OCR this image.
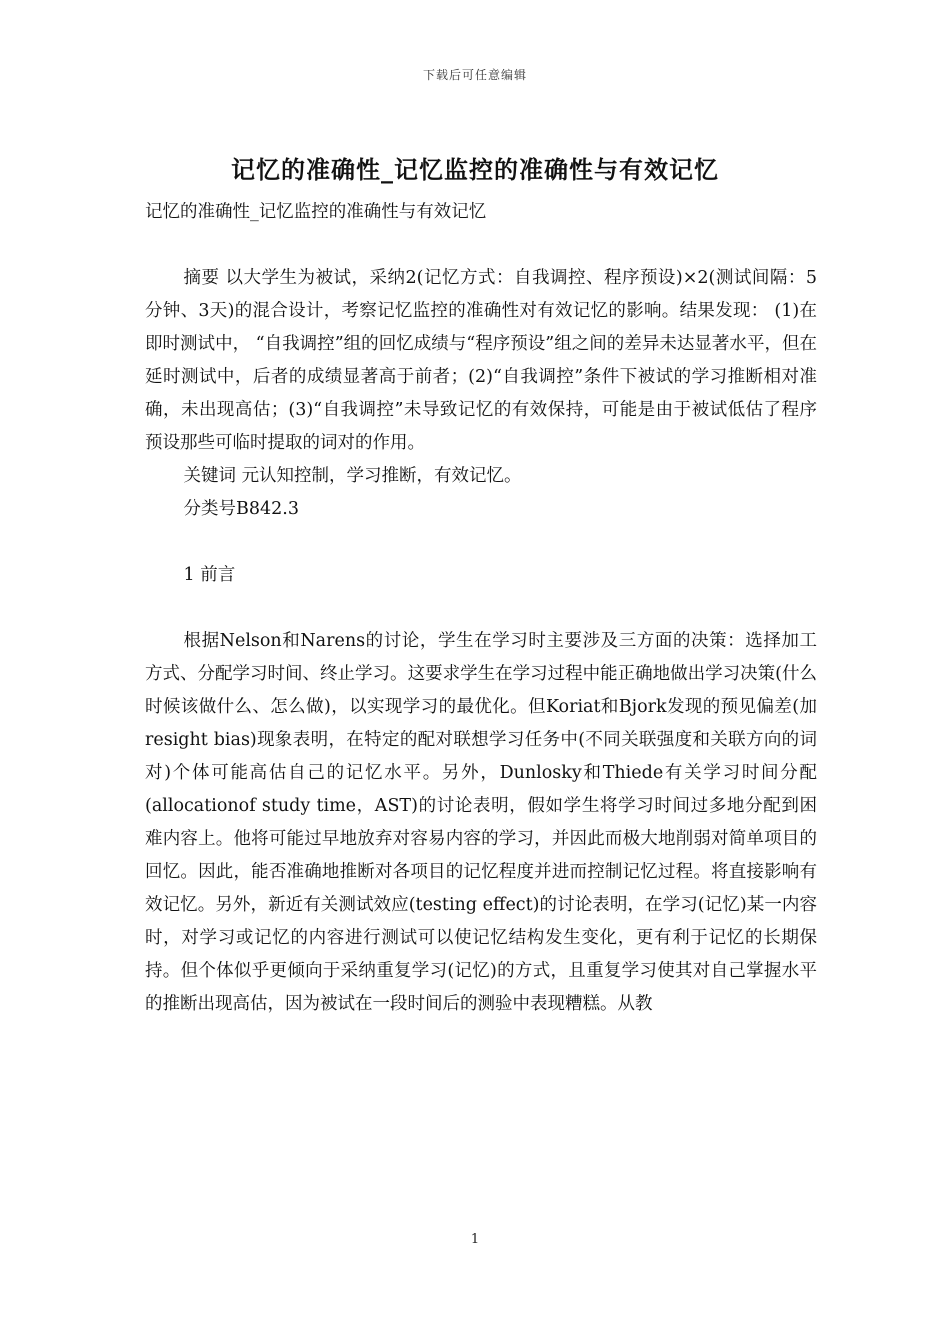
下载后可任意编辑
记忆的准确性_记忆监控的准确性与有效记忆

记忆的准确性_记忆监控的准确性与有效记忆

摘要 以大学生为被试，采纳2(记忆方式：自我调控、程序预设)×2(测试间隔：5分钟、3天)的混合设计，考察记忆监控的准确性对有效记忆的影响。结果发现： (1)在即时测试中， “自我调控”组的回忆成绩与“程序预设”组之间的差异未达显著水平，但在延时测试中，后者的成绩显著高于前者；(2)“自我调控”条件下被试的学习推断相对准确，未出现高估；(3)“自我调控”未导致记忆的有效保持，可能是由于被试低估了程序预设那些可临时提取的词对的作用。

关键词 元认知控制，学习推断，有效记忆。

分类号B842.3

1 前言

根据Nelson和Narens的讨论，学生在学习时主要涉及三方面的决策：选择加工方式、分配学习时间、终止学习。这要求学生在学习过程中能正确地做出学习决策(什么时候该做什么、怎么做)，以实现学习的最优化。但Koriat和Bjork发现的预见偏差(加resight bias)现象表明，在特定的配对联想学习任务中(不同关联强度和关联方向的词对)个体可能高估自己的记忆水平。另外，Dunlosky和Thiede有关学习时间分配(allocationof study time，AST)的讨论表明，假如学生将学习时间过多地分配到困难内容上。他将可能过早地放弃对容易内容的学习，并因此而极大地削弱对简单项目的回忆。因此，能否准确地推断对各项目的记忆程度并进而控制记忆过程。将直接影响有效记忆。另外，新近有关测试效应(testing effect)的讨论表明，在学习(记忆)某一内容时，对学习或记忆的内容进行测试可以使记忆结构发生变化，更有利于记忆的长期保持。但个体似乎更倾向于采纳重复学习(记忆)的方式，且重复学习使其对自己掌握水平的推断出现高估，因为被试在一段时间后的测验中表现糟糕。从教

1
